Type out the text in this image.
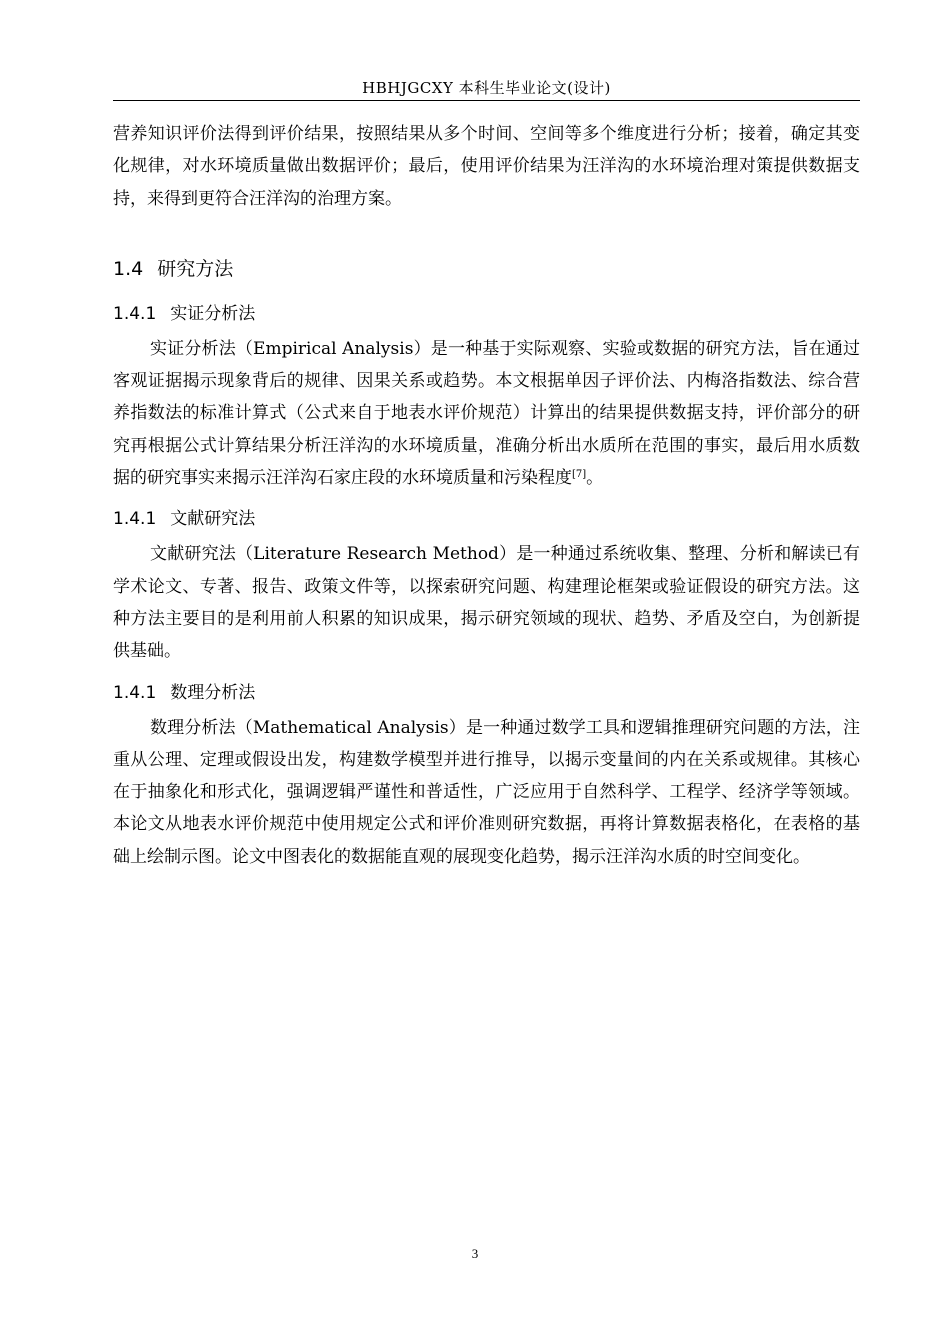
HBHJGCXY 本科生毕业论文(设计)

营养知识评价法得到评价结果，按照结果从多个时间、空间等多个维度进行分析；接着，确定其变化规律，对水环境质量做出数据评价；最后，使用评价结果为汪洋沟的水环境治理对策提供数据支持，来得到更符合汪洋沟的治理方案。

1.4 研究方法
1.4.1 实证分析法

实证分析法（Empirical Analysis）是一种基于实际观察、实验或数据的研究方法，旨在通过客观证据揭示现象背后的规律、因果关系或趋势。本文根据单因子评价法、内梅洛指数法、综合营养指数法的标准计算式（公式来自于地表水评价规范）计算出的结果提供数据支持，评价部分的研究再根据公式计算结果分析汪洋沟的水环境质量，准确分析出水质所在范围的事实，最后用水质数据的研究事实来揭示汪洋沟石家庄段的水环境质量和污染程度[7]。

1.4.1 文献研究法

文献研究法（Literature Research Method）是一种通过系统收集、整理、分析和解读已有学术论文、专著、报告、政策文件等，以探索研究问题、构建理论框架或验证假设的研究方法。这种方法主要目的是利用前人积累的知识成果，揭示研究领域的现状、趋势、矛盾及空白，为创新提供基础。

1.4.1 数理分析法

数理分析法（Mathematical Analysis）是一种通过数学工具和逻辑推理研究问题的方法，注重从公理、定理或假设出发，构建数学模型并进行推导，以揭示变量间的内在关系或规律。其核心在于抽象化和形式化，强调逻辑严谨性和普适性，广泛应用于自然科学、工程学、经济学等领域。本论文从地表水评价规范中使用规定公式和评价准则研究数据，再将计算数据表格化，在表格的基础上绘制示图。论文中图表化的数据能直观的展现变化趋势，揭示汪洋沟水质的时空间变化。

3
